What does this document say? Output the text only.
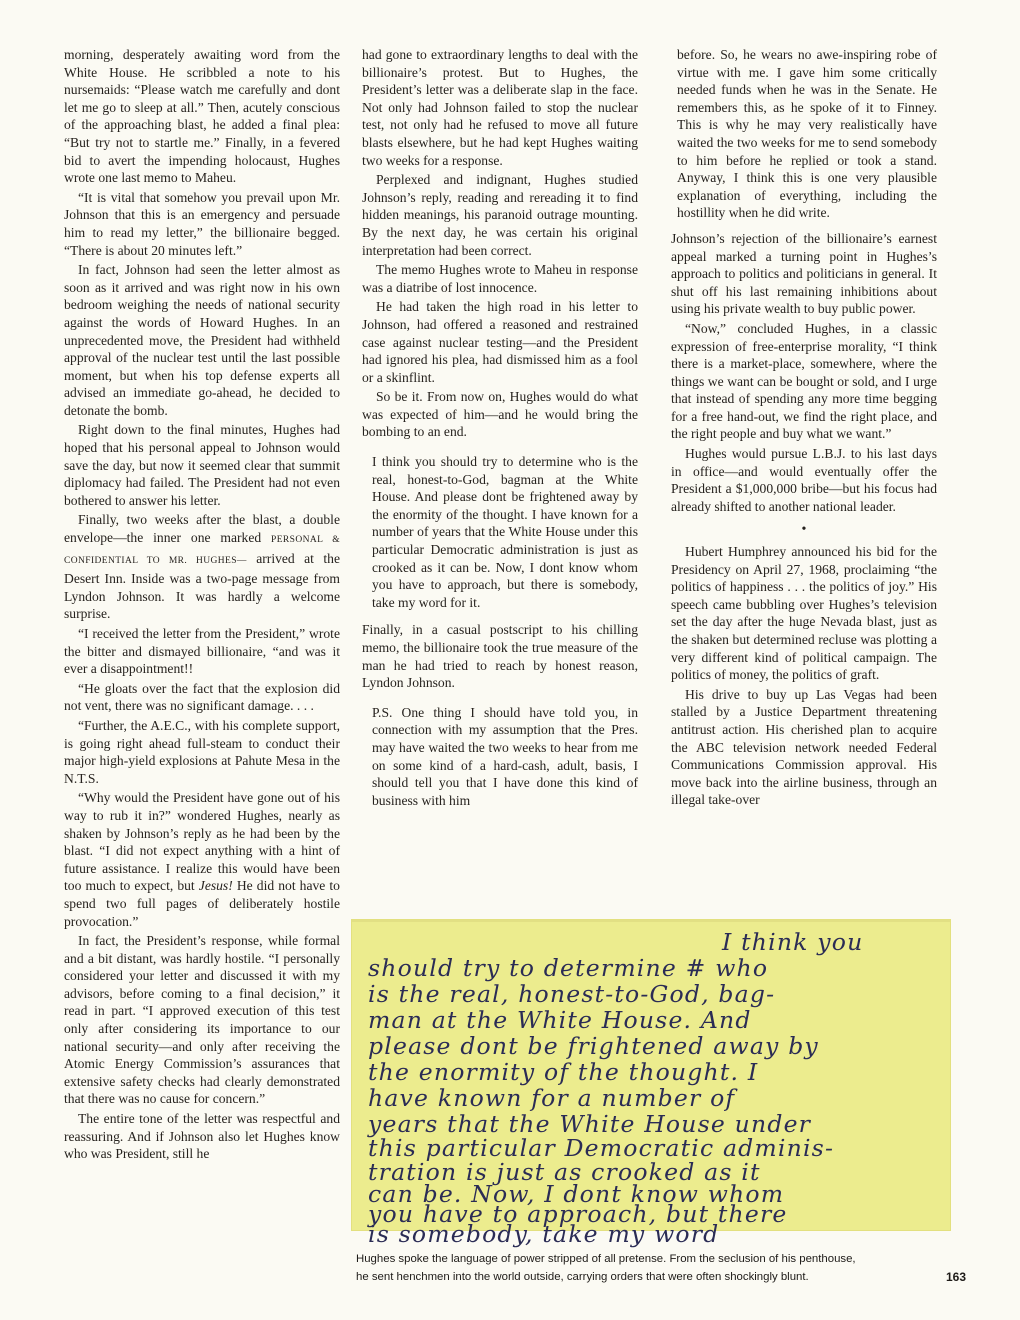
morning, desperately awaiting word from the White House. He scribbled a note to his nursemaids: “Please watch me carefully and dont let me go to sleep at all.” Then, acutely conscious of the approaching blast, he added a final plea: “But try not to startle me.” Finally, in a fevered bid to avert the impending holocaust, Hughes wrote one last memo to Maheu.

“It is vital that somehow you prevail upon Mr. Johnson that this is an emergency and persuade him to read my letter,” the billionaire begged. “There is about 20 minutes left.”

In fact, Johnson had seen the letter almost as soon as it arrived and was right now in his own bedroom weighing the needs of national security against the words of Howard Hughes. In an unprecedented move, the President had withheld approval of the nuclear test until the last possible moment, but when his top defense experts all advised an immediate go-ahead, he decided to detonate the bomb.

Right down to the final minutes, Hughes had hoped that his personal appeal to Johnson would save the day, but now it seemed clear that summit diplomacy had failed. The President had not even bothered to answer his letter.

Finally, two weeks after the blast, a double envelope—the inner one marked PERSONAL & CONFIDENTIAL TO MR. HUGHES— arrived at the Desert Inn. Inside was a two-page message from Lyndon Johnson. It was hardly a welcome surprise.

“I received the letter from the President,” wrote the bitter and dismayed billionaire, “and was it ever a disappointment!!

“He gloats over the fact that the explosion did not vent, there was no significant damage. . . .

“Further, the A.E.C., with his complete support, is going right ahead full-steam to conduct their major high-yield explosions at Pahute Mesa in the N.T.S.

“Why would the President have gone out of his way to rub it in?” wondered Hughes, nearly as shaken by Johnson’s reply as he had been by the blast. “I did not expect anything with a hint of future assistance. I realize this would have been too much to expect, but Jesus! He did not have to spend two full pages of deliberately hostile provocation.”

In fact, the President’s response, while formal and a bit distant, was hardly hostile. “I personally considered your letter and discussed it with my advisors, before coming to a final decision,” it read in part. “I approved execution of this test only after considering its importance to our national security—and only after receiving the Atomic Energy Commission’s assurances that extensive safety checks had clearly demonstrated that there was no cause for concern.”

The entire tone of the letter was respectful and reassuring. And if Johnson also let Hughes know who was President, still he

had gone to extraordinary lengths to deal with the billionaire’s protest. But to Hughes, the President’s letter was a deliberate slap in the face. Not only had Johnson failed to stop the nuclear test, not only had he refused to move all future blasts elsewhere, but he had kept Hughes waiting two weeks for a response.

Perplexed and indignant, Hughes studied Johnson’s reply, reading and rereading it to find hidden meanings, his paranoid outrage mounting. By the next day, he was certain his original interpretation had been correct.

The memo Hughes wrote to Maheu in response was a diatribe of lost innocence.

He had taken the high road in his letter to Johnson, had offered a reasoned and restrained case against nuclear testing—and the President had ignored his plea, had dismissed him as a fool or a skinflint.

So be it. From now on, Hughes would do what was expected of him—and he would bring the bombing to an end.

I think you should try to determine who is the real, honest-to-God, bagman at the White House. And please dont be frightened away by the enormity of the thought. I have known for a number of years that the White House under this particular Democratic administration is just as crooked as it can be. Now, I dont know whom you have to approach, but there is somebody, take my word for it.

Finally, in a casual postscript to his chilling memo, the billionaire took the true measure of the man he had tried to reach by honest reason, Lyndon Johnson.

P.S. One thing I should have told you, in connection with my assumption that the Pres. may have waited the two weeks to hear from me on some kind of a hard-cash, adult, basis, I should tell you that I have done this kind of business with him

before. So, he wears no awe-inspiring robe of virtue with me. I gave him some critically needed funds when he was in the Senate. He remembers this, as he spoke of it to Finney. This is why he may very realistically have waited the two weeks for me to send somebody to him before he replied or took a stand. Anyway, I think this is one very plausible explanation of everything, including the hostillity when he did write.

Johnson’s rejection of the billionaire’s earnest appeal marked a turning point in Hughes’s approach to politics and politicians in general. It shut off his last remaining inhibitions about using his private wealth to buy public power.

“Now,” concluded Hughes, in a classic expression of free-enterprise morality, “I think there is a market-place, somewhere, where the things we want can be bought or sold, and I urge that instead of spending any more time begging for a free hand-out, we find the right place, and the right people and buy what we want.”

Hughes would pursue L.B.J. to his last days in office—and would eventually offer the President a $1,000,000 bribe—but his focus had already shifted to another national leader.

•

Hubert Humphrey announced his bid for the Presidency on April 27, 1968, proclaiming “the politics of happiness . . . the politics of joy.” His speech came bubbling over Hughes’s television set the day after the huge Nevada blast, just as the shaken but determined recluse was plotting a very different kind of political campaign. The politics of money, the politics of graft.

His drive to buy up Las Vegas had been stalled by a Justice Department threatening antitrust action. His cherished plan to acquire the ABC television network needed Federal Communications Commission approval. His move back into the airline business, through an illegal take-over

I think you
should try to determine # who
is the real, honest-to-God, bag-
man at the White House. And
please dont be frightened away by
the enormity of the thought. I
have known for a number of
years that the White House under
this particular Democratic adminis-
tration is just as crooked as it
can be. Now, I dont know whom
you have to approach, but there
is somebody, take my word
Hughes spoke the language of power stripped of all pretense. From the seclusion of his penthouse,
he sent henchmen into the world outside, carrying orders that were often shockingly blunt.	163
